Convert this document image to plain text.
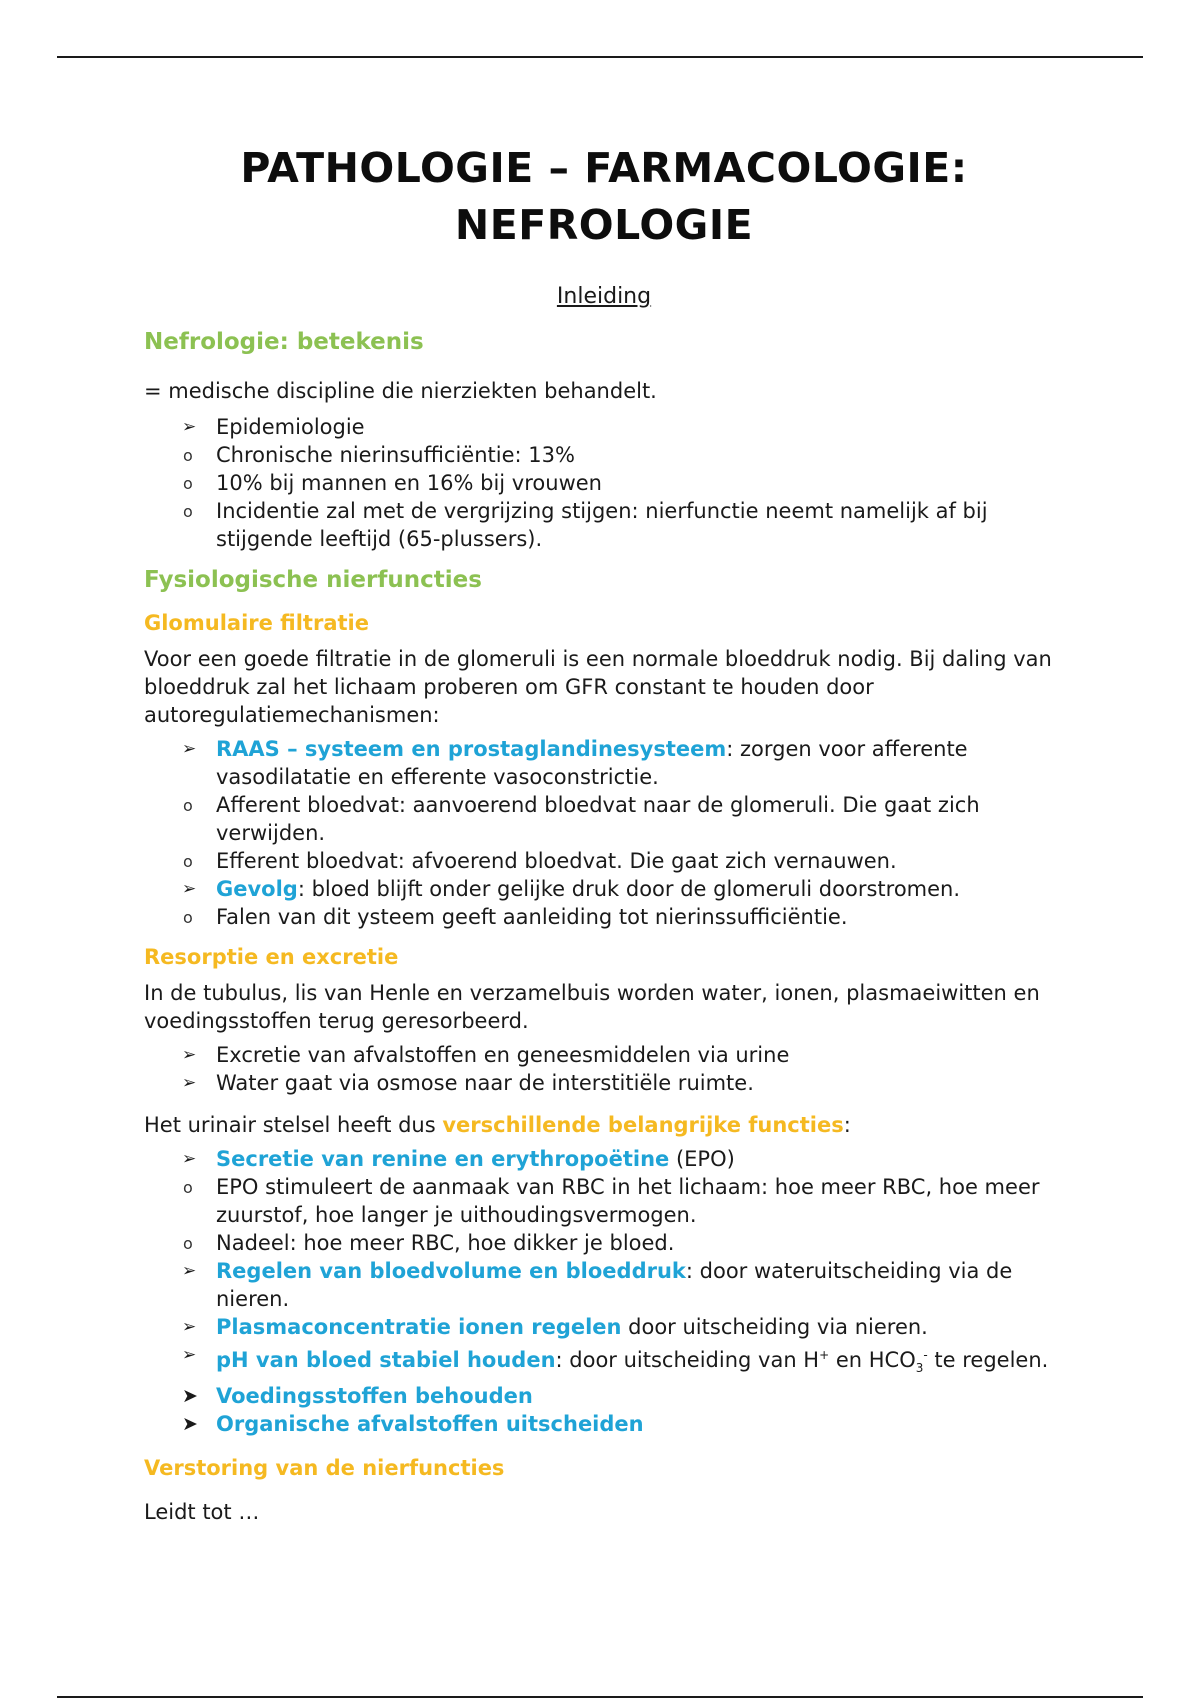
PATHOLOGIE – FARMACOLOGIE:
NEFROLOGIE
Inleiding
Nefrologie: betekenis

= medische discipline die nierziekten behandelt.

➢ Epidemiologie
o Chronische nierinsufficiëntie: 13%
o 10% bij mannen en 16% bij vrouwen
o Incidentie zal met de vergrijzing stijgen: nierfunctie neemt namelijk af bij stijgende leeftijd (65-plussers).
Fysiologische nierfuncties
Glomulaire filtratie

Voor een goede filtratie in de glomeruli is een normale bloeddruk nodig. Bij daling van bloeddruk zal het lichaam proberen om GFR constant te houden door autoregulatiemechanismen:

➢ RAAS – systeem en prostaglandinesysteem: zorgen voor afferente vasodilatatie en efferente vasoconstrictie.
o Afferent bloedvat: aanvoerend bloedvat naar de glomeruli. Die gaat zich verwijden.
o Efferent bloedvat: afvoerend bloedvat. Die gaat zich vernauwen.
➢ Gevolg: bloed blijft onder gelijke druk door de glomeruli doorstromen.
o Falen van dit ysteem geeft aanleiding tot nierinssufficiëntie.
Resorptie en excretie

In de tubulus, lis van Henle en verzamelbuis worden water, ionen, plasmaeiwitten en voedingsstoffen terug geresorbeerd.

➢ Excretie van afvalstoffen en geneesmiddelen via urine
➢ Water gaat via osmose naar de interstitiële ruimte.

Het urinair stelsel heeft dus verschillende belangrijke functies:

➢ Secretie van renine en erythropoëtine (EPO)
o EPO stimuleert de aanmaak van RBC in het lichaam: hoe meer RBC, hoe meer zuurstof, hoe langer je uithoudingsvermogen.
o Nadeel: hoe meer RBC, hoe dikker je bloed.
➢ Regelen van bloedvolume en bloeddruk: door wateruitscheiding via de nieren.
➢ Plasmaconcentratie ionen regelen door uitscheiding via nieren.
➢ pH van bloed stabiel houden: door uitscheiding van H+ en $HCO_3^-$ te regelen.
➤ Voedingsstoffen behouden
➤ Organische afvalstoffen uitscheiden
Verstoring van de nierfuncties

Leidt tot …
